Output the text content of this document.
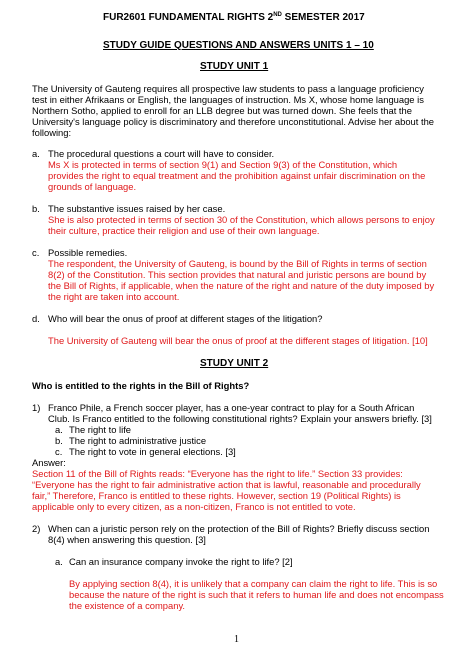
FUR2601 FUNDAMENTAL RIGHTS 2ND SEMESTER 2017
STUDY GUIDE QUESTIONS AND ANSWERS UNITS 1 – 10
STUDY UNIT 1
The University of Gauteng requires all prospective law students to pass a language proficiency
test in either Afrikaans or English, the languages of instruction. Ms X, whose home language is
Northern Sotho, applied to enroll for an LLB degree but was turned down. She feels that the
University's language policy is discriminatory and therefore unconstitutional. Advise her about the
following:
a. The procedural questions a court will have to consider.
Ms X is protected in terms of section 9(1) and Section 9(3) of the Constitution, which
provides the right to equal treatment and the prohibition against unfair discrimination on the
grounds of language.
b. The substantive issues raised by her case.
She is also protected in terms of section 30 of the Constitution, which allows persons to enjoy
their culture, practice their religion and use of their own language.
c. Possible remedies.
The respondent, the University of Gauteng, is bound by the Bill of Rights in terms of section
8(2) of the Constitution. This section provides that natural and juristic persons are bound by
the Bill of Rights, if applicable, when the nature of the right and nature of the duty imposed by
the right are taken into account.
d. Who will bear the onus of proof at different stages of the litigation?
The University of Gauteng will bear the onus of proof at the different stages of litigation. [10]
STUDY UNIT 2
Who is entitled to the rights in the Bill of Rights?
1) Franco Phile, a French soccer player, has a one-year contract to play for a South African
Club. Is Franco entitled to the following constitutional rights? Explain your answers briefly. [3]
a. The right to life
b. The right to administrative justice
c. The right to vote in general elections. [3]
Answer:
Section 11 of the Bill of Rights reads: “Everyone has the right to life.” Section 33 provides:
“Everyone has the right to fair administrative action that is lawful, reasonable and procedurally
fair,” Therefore, Franco is entitled to these rights. However, section 19 (Political Rights) is
applicable only to every citizen, as a non-citizen, Franco is not entitled to vote.
2) When can a juristic person rely on the protection of the Bill of Rights? Briefly discuss section
8(4) when answering this question. [3]
a. Can an insurance company invoke the right to life? [2]
By applying section 8(4), it is unlikely that a company can claim the right to life. This is so
because the nature of the right is such that it refers to human life and does not encompass
the existence of a company.
1
